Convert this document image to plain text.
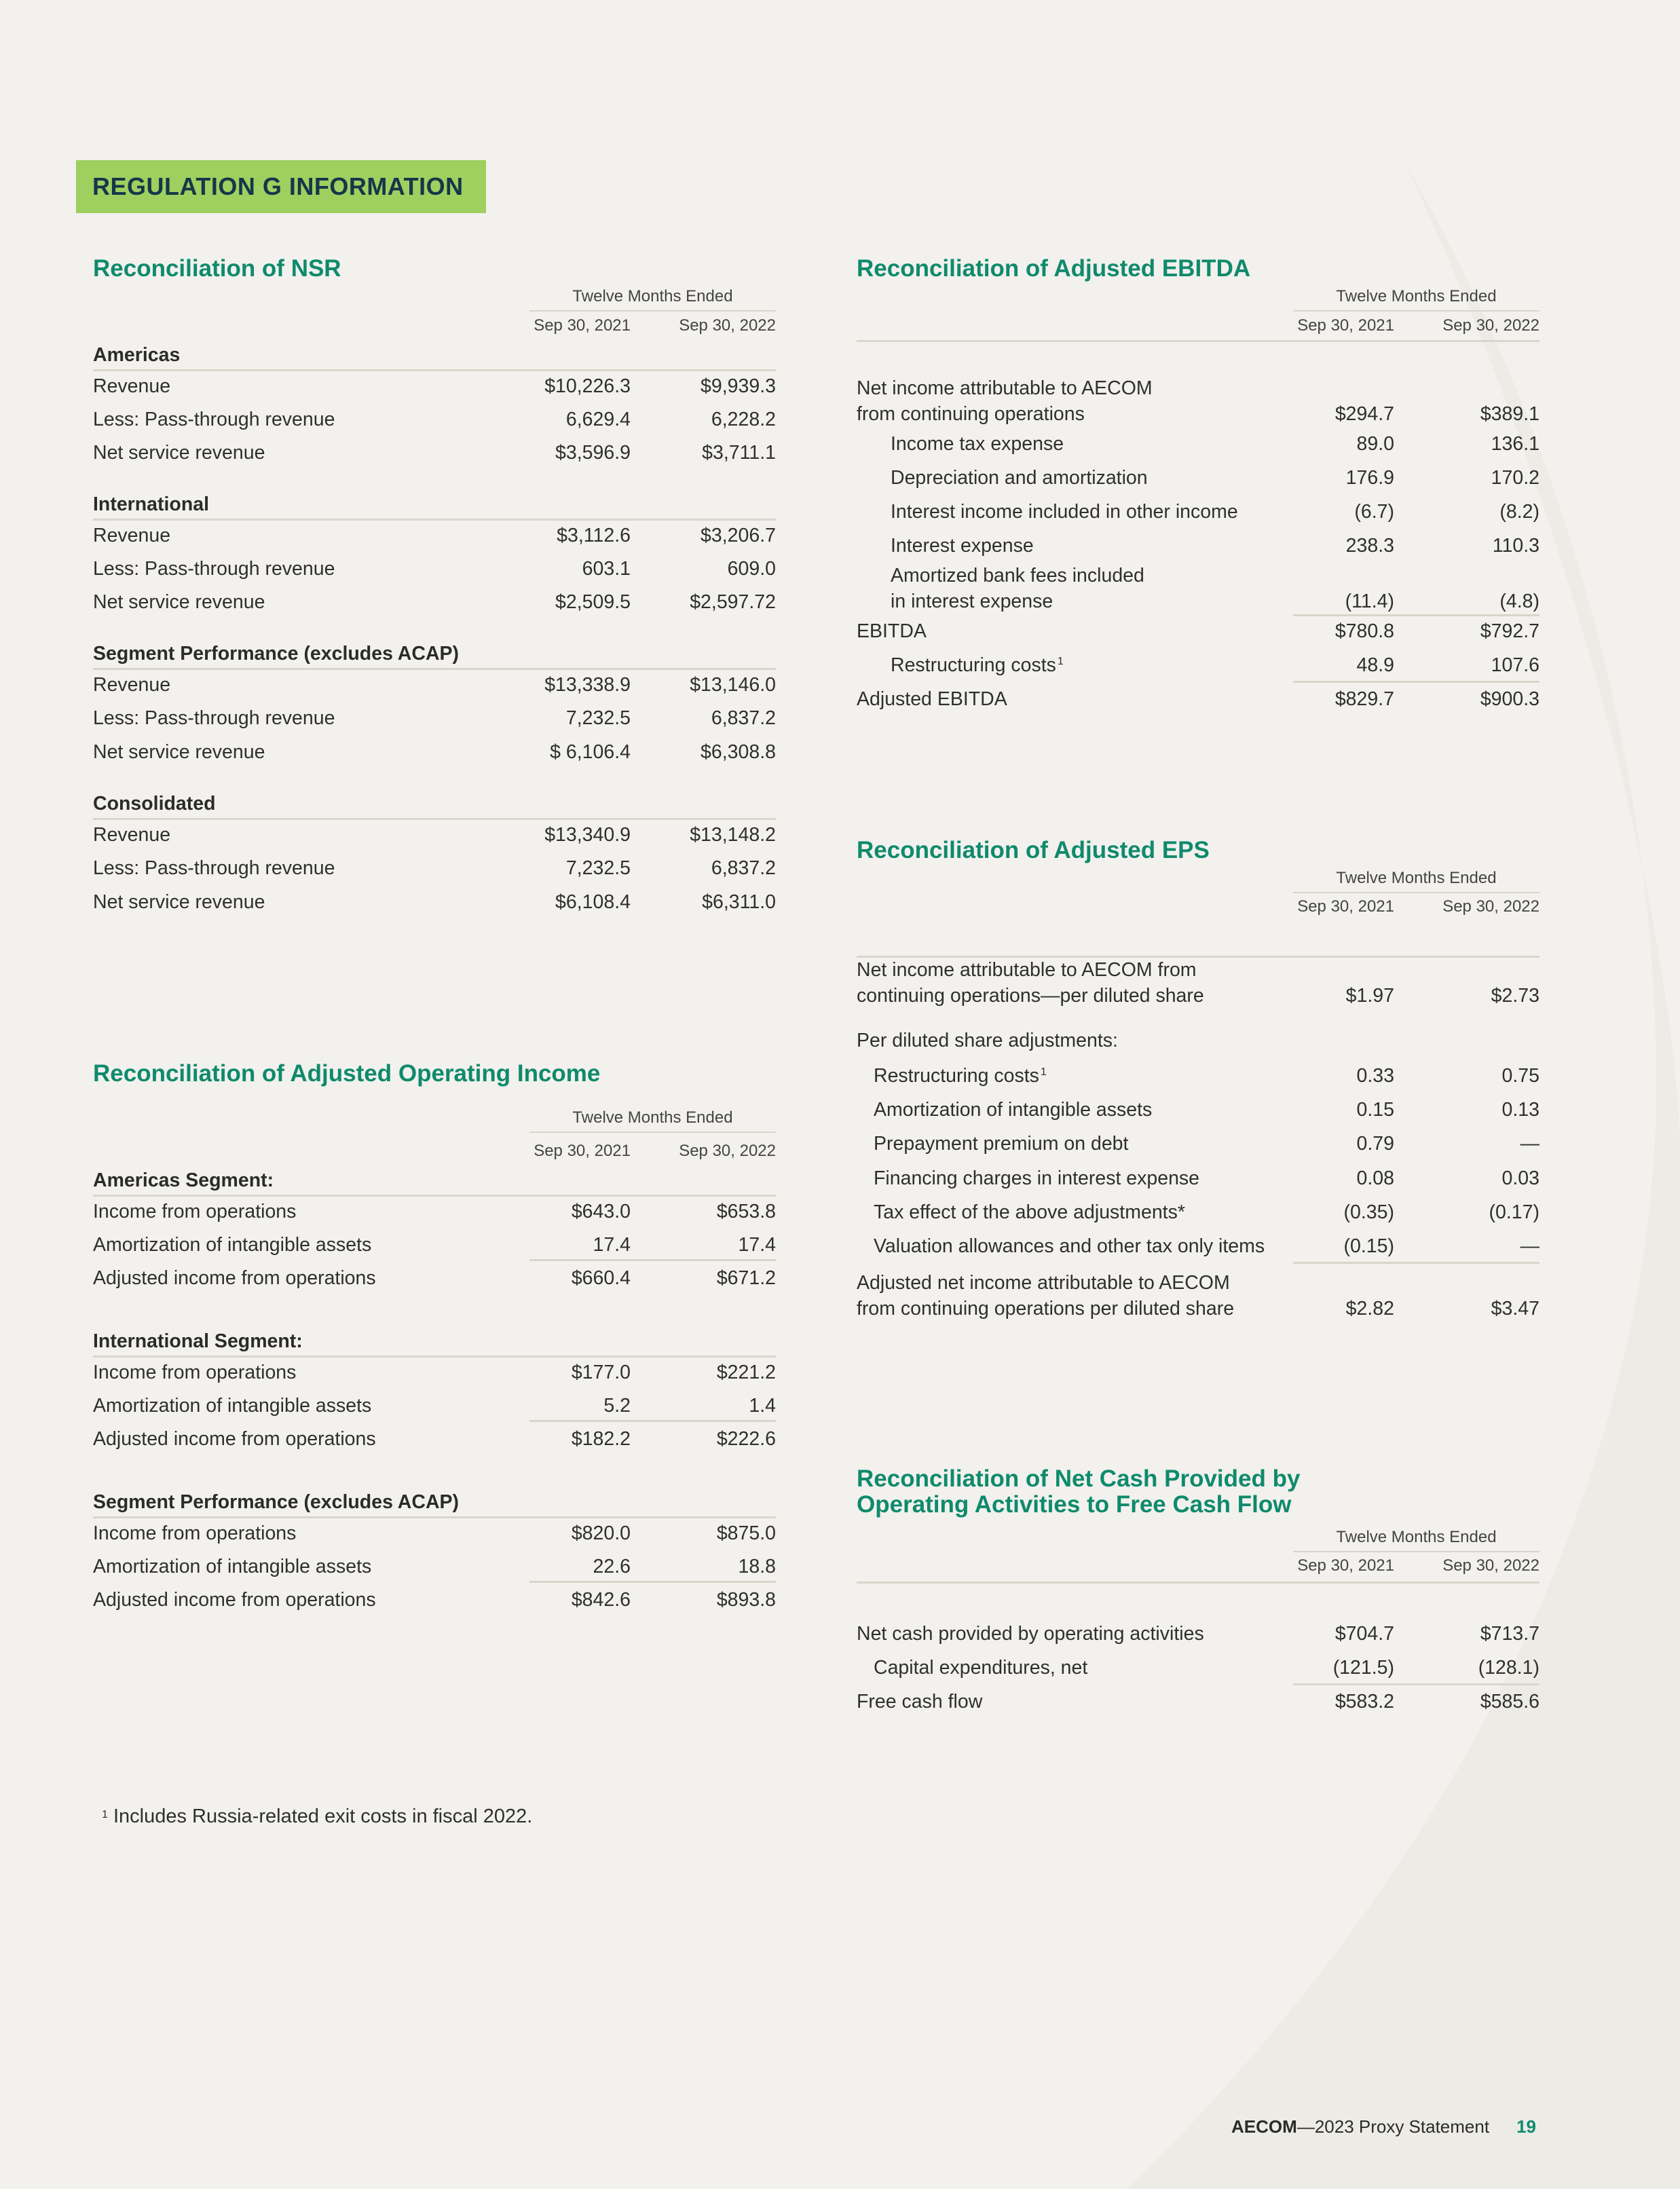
REGULATION G INFORMATION
Reconciliation of NSR
Twelve Months Ended
Sep 30, 2021	Sep 30, 2022
Americas
Revenue	$10,226.3	$9,939.3
Less: Pass-through revenue	6,629.4	6,228.2
Net service revenue	$3,596.9	$3,711.1
International
Revenue	$3,112.6	$3,206.7
Less: Pass-through revenue	603.1	609.0
Net service revenue	$2,509.5	$2,597.72
Segment Performance (excludes ACAP)
Revenue	$13,338.9	$13,146.0
Less: Pass-through revenue	7,232.5	6,837.2
Net service revenue	$ 6,106.4	$6,308.8
Consolidated
Revenue	$13,340.9	$13,148.2
Less: Pass-through revenue	7,232.5	6,837.2
Net service revenue	$6,108.4	$6,311.0
Reconciliation of Adjusted Operating Income
Twelve Months Ended
Sep 30, 2021	Sep 30, 2022
Americas Segment:
Income from operations	$643.0	$653.8
Amortization of intangible assets	17.4	17.4
Adjusted income from operations	$660.4	$671.2
International Segment:
Income from operations	$177.0	$221.2
Amortization of intangible assets	5.2	1.4
Adjusted income from operations	$182.2	$222.6
Segment Performance (excludes ACAP)
Income from operations	$820.0	$875.0
Amortization of intangible assets	22.6	18.8
Adjusted income from operations	$842.6	$893.8
Reconciliation of Adjusted EBITDA
Twelve Months Ended
Sep 30, 2021	Sep 30, 2022
Net income attributable to AECOM
from continuing operations	$294.7	$389.1
Income tax expense	89.0	136.1
Depreciation and amortization	176.9	170.2
Interest income included in other income	(6.7)	(8.2)
Interest expense	238.3	110.3
Amortized bank fees included
in interest expense	(11.4)	(4.8)
EBITDA	$780.8	$792.7
Restructuring costs $^1$	48.9	107.6
Adjusted EBITDA	$829.7	$900.3
Reconciliation of Adjusted EPS
Twelve Months Ended
Sep 30, 2021	Sep 30, 2022
Net income attributable to AECOM from
continuing operations—per diluted share	$1.97	$2.73
Per diluted share adjustments:
Restructuring costs $^1$	0.33	0.75
Amortization of intangible assets	0.15	0.13
Prepayment premium on debt	0.79	—
Financing charges in interest expense	0.08	0.03
Tax effect of the above adjustments*	(0.35)	(0.17)
Valuation allowances and other tax only items	(0.15)	—
Adjusted net income attributable to AECOM
from continuing operations per diluted share	$2.82	$3.47
Reconciliation of Net Cash Provided by
Operating Activities to Free Cash Flow
Twelve Months Ended
Sep 30, 2021	Sep 30, 2022
Net cash provided by operating activities	$704.7	$713.7
Capital expenditures, net	(121.5)	(128.1)
Free cash flow	$583.2	$585.6
$^1$ Includes Russia-related exit costs in fiscal 2022.
AECOM—2023 Proxy Statement 19
